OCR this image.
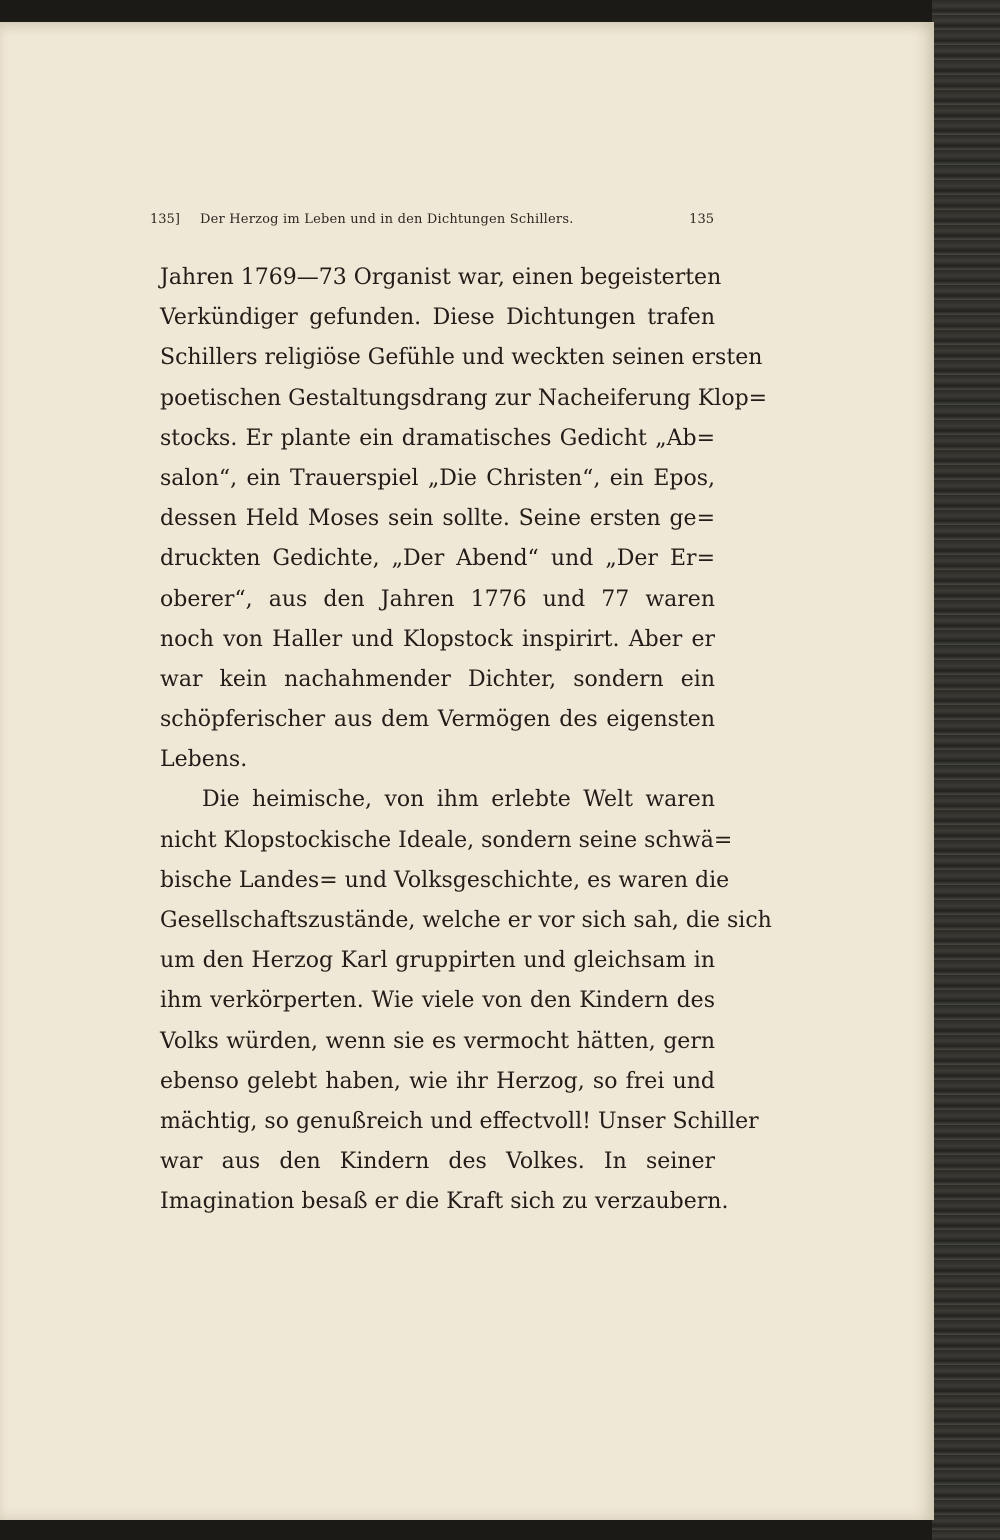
135] Der Herzog im Leben und in den Dichtungen Schillers.	135
Jahren 1769—73 Organist war, einen begeisterten
Verkündiger gefunden. Diese Dichtungen trafen
Schillers religiöse Gefühle und weckten seinen ersten
poetischen Gestaltungsdrang zur Nacheiferung Klop=
stocks. Er plante ein dramatisches Gedicht „Ab=
salon“, ein Trauerspiel „Die Christen“, ein Epos,
dessen Held Moses sein sollte. Seine ersten ge=
druckten Gedichte, „Der Abend“ und „Der Er=
oberer“, aus den Jahren 1776 und 77 waren
noch von Haller und Klopstock inspirirt. Aber er
war kein nachahmender Dichter, sondern ein
schöpferischer aus dem Vermögen des eigensten
Lebens.
Die heimische, von ihm erlebte Welt waren
nicht Klopstockische Ideale, sondern seine schwä=
bische Landes= und Volksgeschichte, es waren die
Gesellschaftszustände, welche er vor sich sah, die sich
um den Herzog Karl gruppirten und gleichsam in
ihm verkörperten. Wie viele von den Kindern des
Volks würden, wenn sie es vermocht hätten, gern
ebenso gelebt haben, wie ihr Herzog, so frei und
mächtig, so genußreich und effectvoll! Unser Schiller
war aus den Kindern des Volkes. In seiner
Imagination besaß er die Kraft sich zu verzaubern.
